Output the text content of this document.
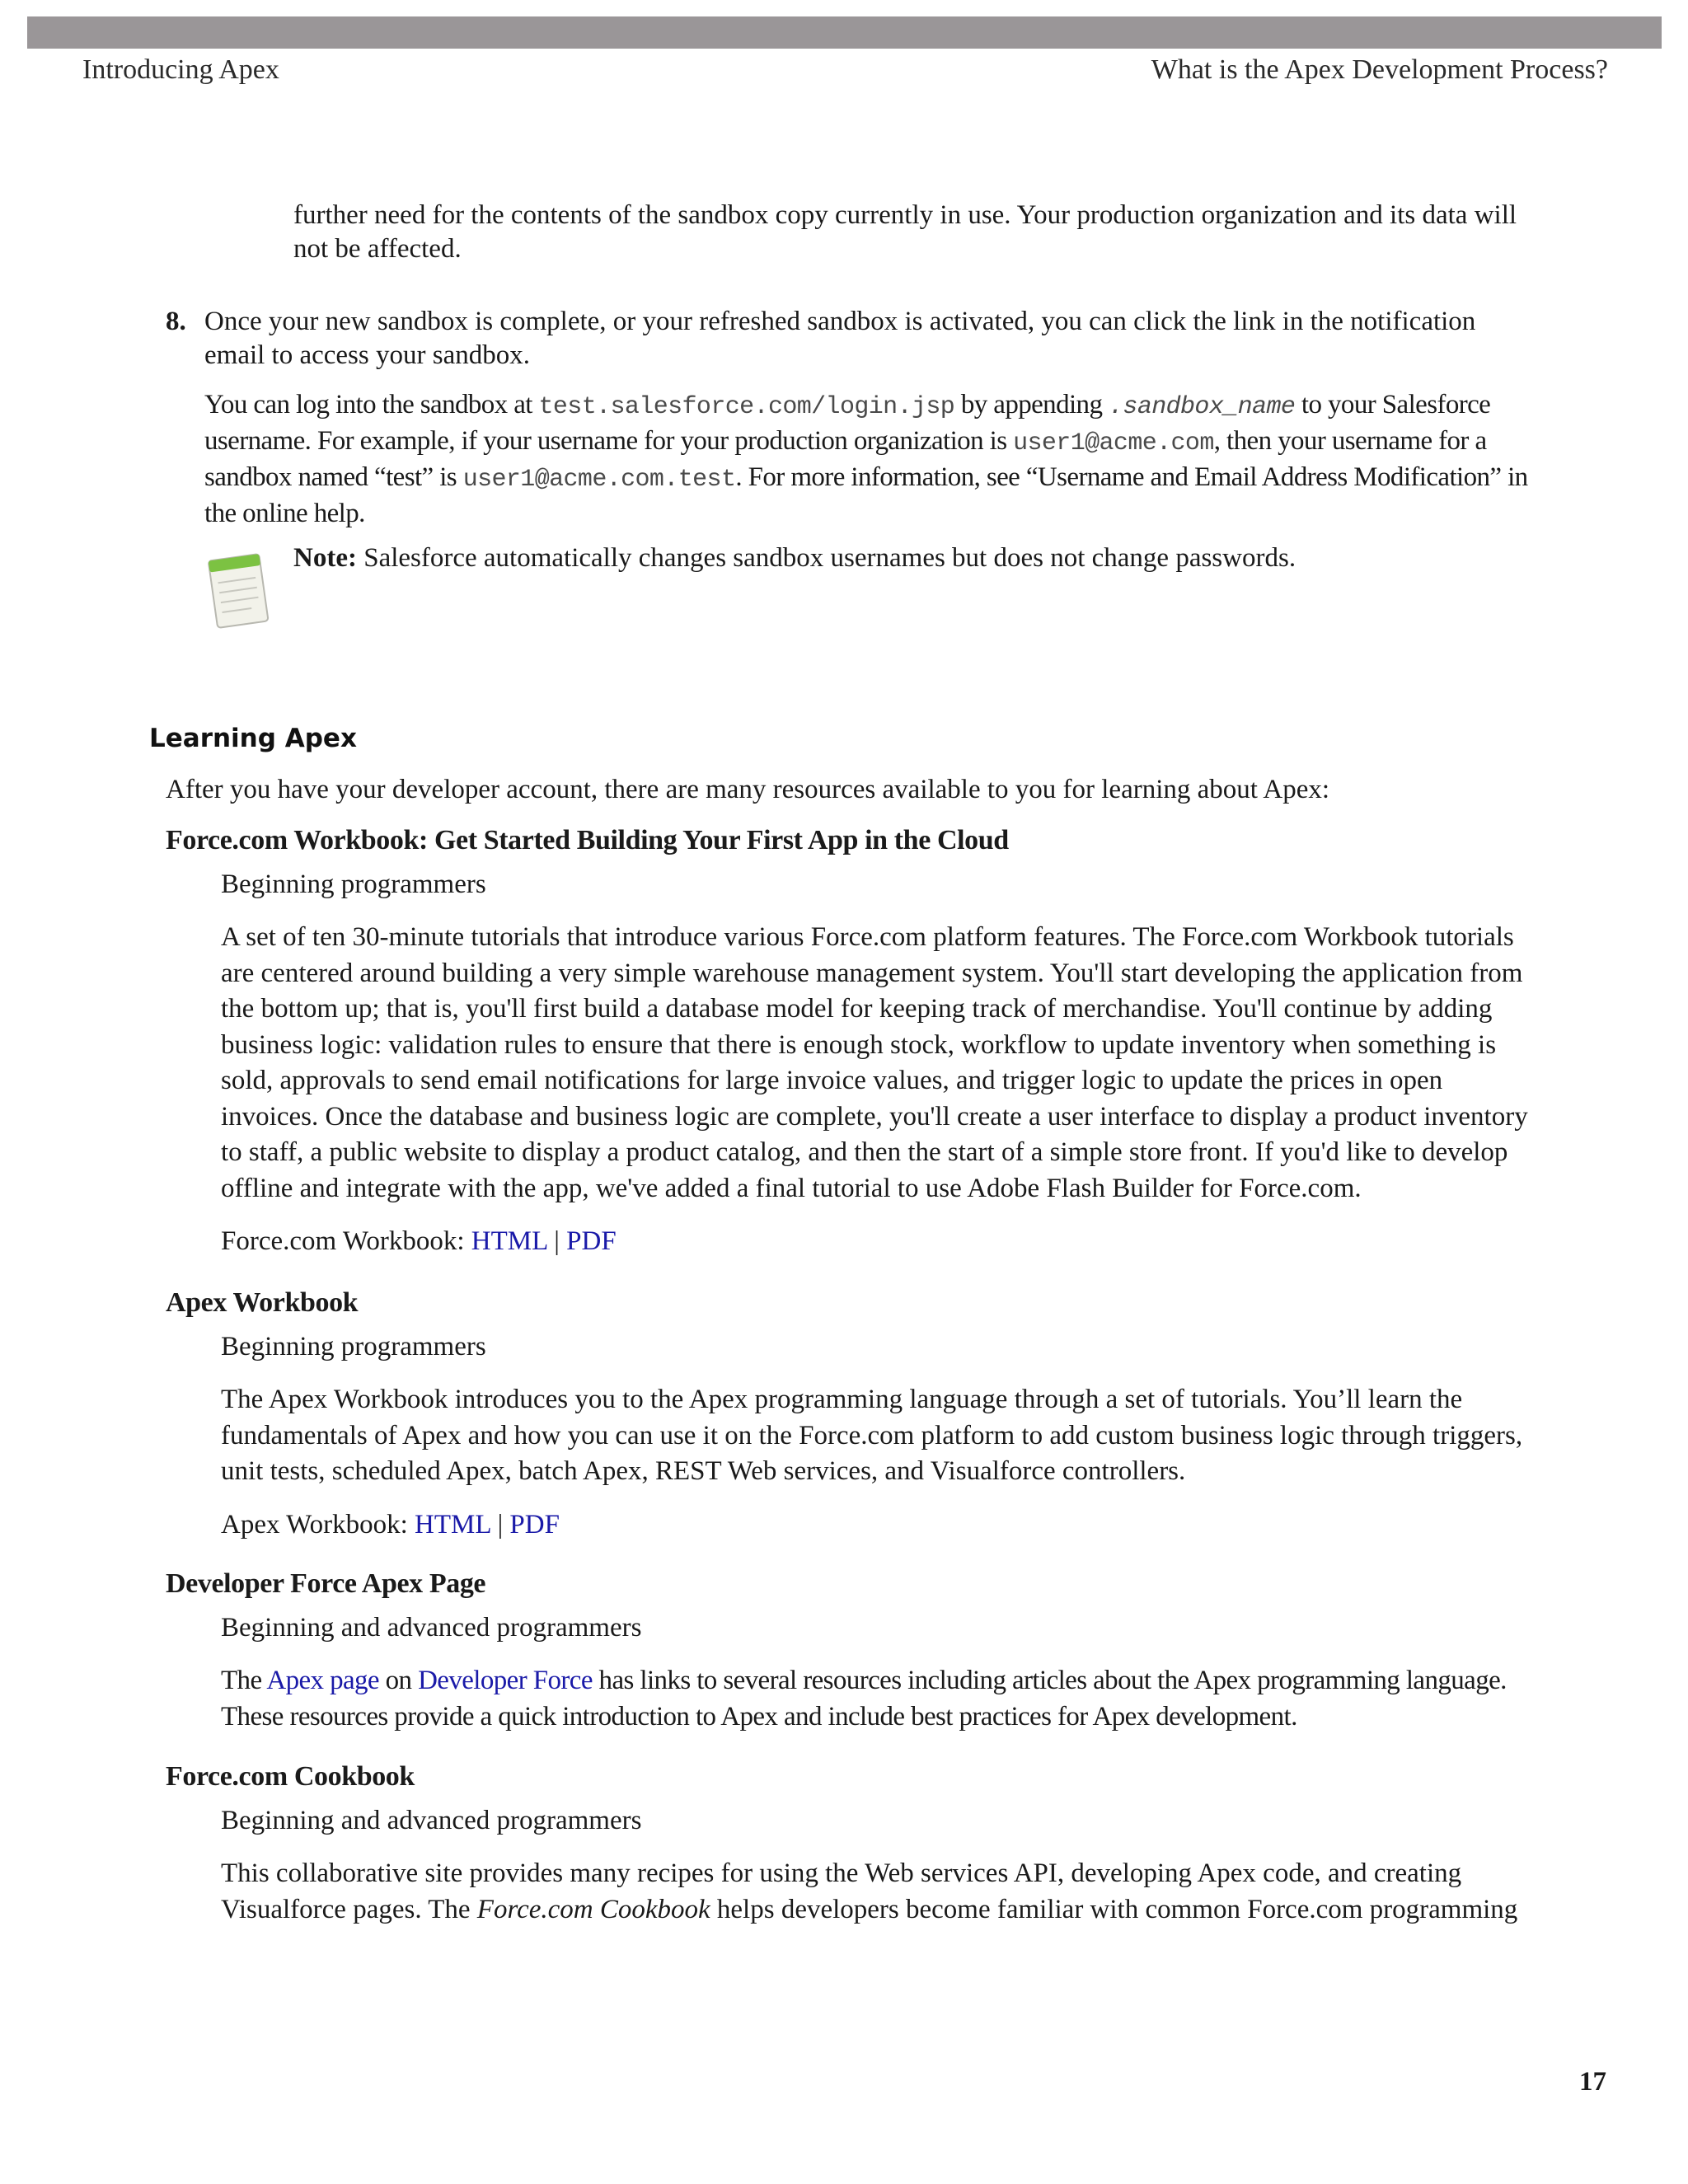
Introducing Apex	What is the Apex Development Process?

further need for the contents of the sandbox copy currently in use. Your production organization and its data will not be affected.

8. Once your new sandbox is complete, or your refreshed sandbox is activated, you can click the link in the notification email to access your sandbox.

You can log into the sandbox at test.salesforce.com/login.jsp by appending .sandbox_name to your Salesforce username. For example, if your username for your production organization is user1@acme.com, then your username for a sandbox named “test” is user1@acme.com.test. For more information, see “Username and Email Address Modification” in the online help.

Note: Salesforce automatically changes sandbox usernames but does not change passwords.

Learning Apex

After you have your developer account, there are many resources available to you for learning about Apex:

Force.com Workbook: Get Started Building Your First App in the Cloud

Beginning programmers

A set of ten 30-minute tutorials that introduce various Force.com platform features. The Force.com Workbook tutorials are centered around building a very simple warehouse management system. You'll start developing the application from the bottom up; that is, you'll first build a database model for keeping track of merchandise. You'll continue by adding business logic: validation rules to ensure that there is enough stock, workflow to update inventory when something is sold, approvals to send email notifications for large invoice values, and trigger logic to update the prices in open invoices. Once the database and business logic are complete, you'll create a user interface to display a product inventory to staff, a public website to display a product catalog, and then the start of a simple store front. If you'd like to develop offline and integrate with the app, we've added a final tutorial to use Adobe Flash Builder for Force.com.

Force.com Workbook: HTML | PDF

Apex Workbook

Beginning programmers

The Apex Workbook introduces you to the Apex programming language through a set of tutorials. You’ll learn the fundamentals of Apex and how you can use it on the Force.com platform to add custom business logic through triggers, unit tests, scheduled Apex, batch Apex, REST Web services, and Visualforce controllers.

Apex Workbook: HTML | PDF

Developer Force Apex Page

Beginning and advanced programmers

The Apex page on Developer Force has links to several resources including articles about the Apex programming language. These resources provide a quick introduction to Apex and include best practices for Apex development.

Force.com Cookbook

Beginning and advanced programmers

This collaborative site provides many recipes for using the Web services API, developing Apex code, and creating Visualforce pages. The Force.com Cookbook helps developers become familiar with common Force.com programming

17
